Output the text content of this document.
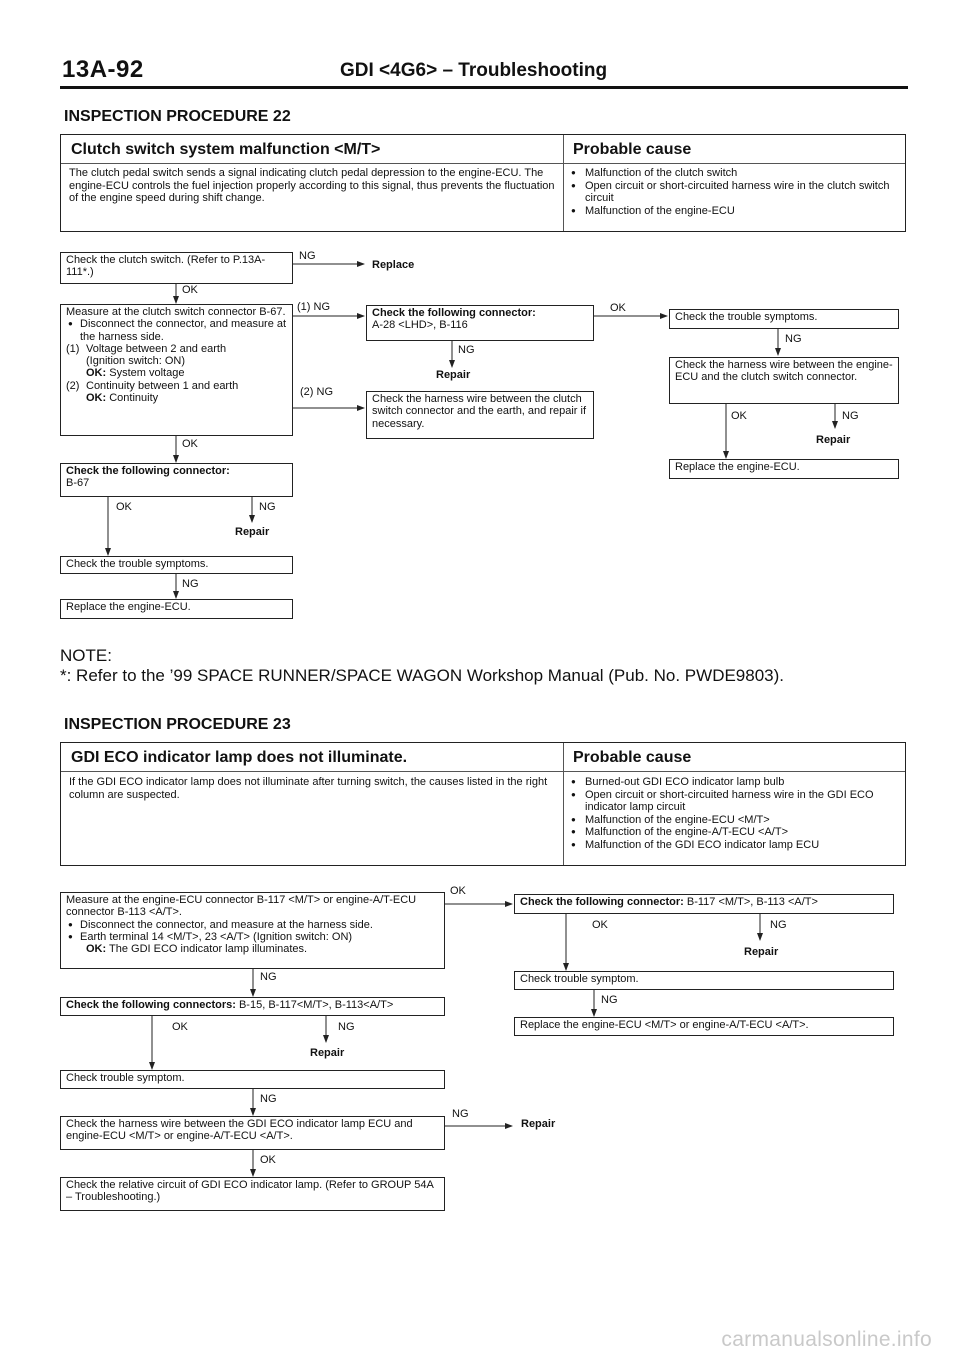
13A-92	GDI <4G6> – Troubleshooting
INSPECTION PROCEDURE 22
Clutch switch system malfunction <M/T>	Probable cause
The clutch pedal switch sends a signal indicating clutch pedal depression to the engine-ECU. The engine-ECU controls the fuel injection properly according to this signal, thus prevents the fluctuation of the engine speed during shift change.
● Malfunction of the clutch switch
● Open circuit or short-circuited harness wire in the clutch switch circuit
● Malfunction of the engine-ECU
Check the clutch switch. (Refer to P.13A-111*.)
NG
Replace
OK
Measure at the clutch switch connector B-67.
● Disconnect the connector, and measure at the harness side.
(1) Voltage between 2 and earth
(Ignition switch: ON)
OK: System voltage
(2) Continuity between 1 and earth
OK: Continuity
(1) NG
(2) NG
OK
Check the following connector:
A-28 <LHD>, B-116
NG
Repair
OK
Check the harness wire between the clutch switch connector and the earth, and repair if necessary.
Check the trouble symptoms.
NG
Check the harness wire between the engine-ECU and the clutch switch connector.
OK	NG
Repair
Replace the engine-ECU.
Check the following connector:
B-67
OK	NG
Repair
Check the trouble symptoms.
NG
Replace the engine-ECU.
NOTE:
*: Refer to the ’99 SPACE RUNNER/SPACE WAGON Workshop Manual (Pub. No. PWDE9803).
INSPECTION PROCEDURE 23
GDI ECO indicator lamp does not illuminate.	Probable cause
If the GDI ECO indicator lamp does not illuminate after turning switch, the causes listed in the right column are suspected.
● Burned-out GDI ECO indicator lamp bulb
● Open circuit or short-circuited harness wire in the GDI ECO indicator lamp circuit
● Malfunction of the engine-ECU <M/T>
● Malfunction of the engine-A/T-ECU <A/T>
● Malfunction of the GDI ECO indicator lamp ECU
Measure at the engine-ECU connector B-117 <M/T> or engine-A/T-ECU connector B-113 <A/T>.
● Disconnect the connector, and measure at the harness side.
● Earth terminal 14 <M/T>, 23 <A/T> (Ignition switch: ON)
OK: The GDI ECO indicator lamp illuminates.
OK
NG
Check the following connector: B-117 <M/T>, B-113 <A/T>
OK	NG
Repair
Check trouble symptom.
NG
Replace the engine-ECU <M/T> or engine-A/T-ECU <A/T>.
Check the following connectors: B-15, B-117<M/T>, B-113<A/T>
OK	NG
Repair
Check trouble symptom.
NG
Check the harness wire between the GDI ECO indicator lamp ECU and engine-ECU <M/T> or engine-A/T-ECU <A/T>.
NG
Repair
OK
Check the relative circuit of GDI ECO indicator lamp. (Refer to GROUP 54A – Troubleshooting.)
carmanualsonline.info
